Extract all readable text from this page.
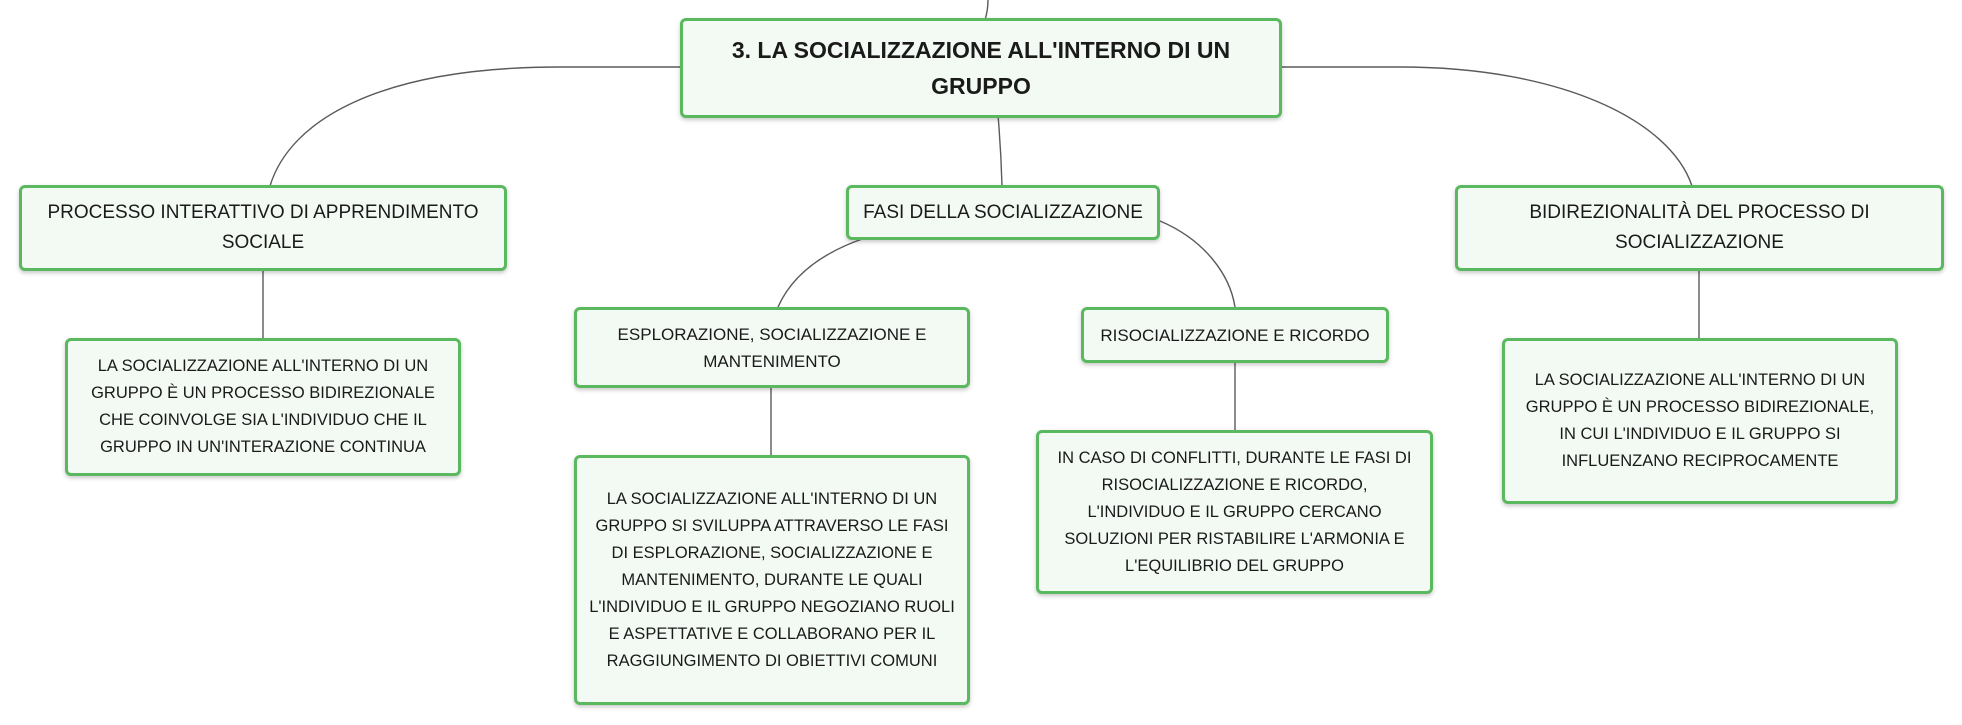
3. LA SOCIALIZZAZIONE ALL'INTERNO DI UN GRUPPO
PROCESSO INTERATTIVO DI APPRENDIMENTO SOCIALE
FASI DELLA SOCIALIZZAZIONE	BIDIREZIONALITÀ DEL PROCESSO DI SOCIALIZZAZIONE
LA SOCIALIZZAZIONE ALL'INTERNO DI UN GRUPPO È UN PROCESSO BIDIREZIONALE CHE COINVOLGE SIA L'INDIVIDUO CHE IL GRUPPO IN UN'INTERAZIONE CONTINUA
ESPLORAZIONE, SOCIALIZZAZIONE E MANTENIMENTO
RISOCIALIZZAZIONE E RICORDO
LA SOCIALIZZAZIONE ALL'INTERNO DI UN GRUPPO È UN PROCESSO BIDIREZIONALE, IN CUI L'INDIVIDUO E IL GRUPPO SI INFLUENZANO RECIPROCAMENTE
LA SOCIALIZZAZIONE ALL'INTERNO DI UN GRUPPO SI SVILUPPA ATTRAVERSO LE FASI DI ESPLORAZIONE, SOCIALIZZAZIONE E MANTENIMENTO, DURANTE LE QUALI L'INDIVIDUO E IL GRUPPO NEGOZIANO RUOLI E ASPETTATIVE E COLLABORANO PER IL RAGGIUNGIMENTO DI OBIETTIVI COMUNI
IN CASO DI CONFLITTI, DURANTE LE FASI DI RISOCIALIZZAZIONE E RICORDO, L'INDIVIDUO E IL GRUPPO CERCANO SOLUZIONI PER RISTABILIRE L'ARMONIA E L'EQUILIBRIO DEL GRUPPO
